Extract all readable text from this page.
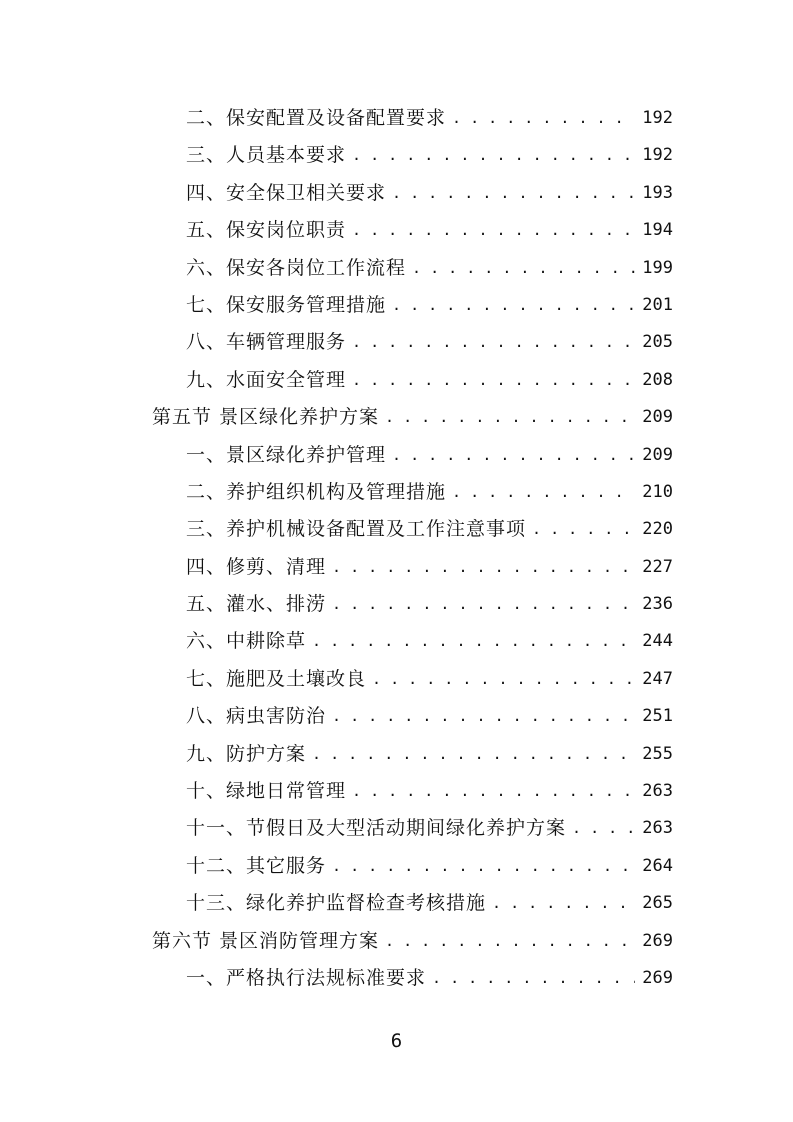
二、保安配置及设备配置要求 . . .	192
三、人员基本要求 . . .	192
四、安全保卫相关要求 . . .	193
五、保安岗位职责 . . .	194
六、保安各岗位工作流程 . . .	199
七、保安服务管理措施 . . .	201
八、车辆管理服务 . . .	205
九、水面安全管理 . . .	208
第五节 景区绿化养护方案 . . .	209
一、景区绿化养护管理 . . .	209
二、养护组织机构及管理措施 . . .	210
三、养护机械设备配置及工作注意事项 . . .	220
四、修剪、清理 . . .	227
五、灌水、排涝 . . .	236
六、中耕除草 . . .	244
七、施肥及土壤改良 . . .	247
八、病虫害防治 . . .	251
九、防护方案 . . .	255
十、绿地日常管理 . . .	263
十一、节假日及大型活动期间绿化养护方案 . . .	263
十二、其它服务 . . .	264
十三、绿化养护监督检查考核措施 . . .	265
第六节 景区消防管理方案 . . .	269
一、严格执行法规标准要求 . . .	269
6
